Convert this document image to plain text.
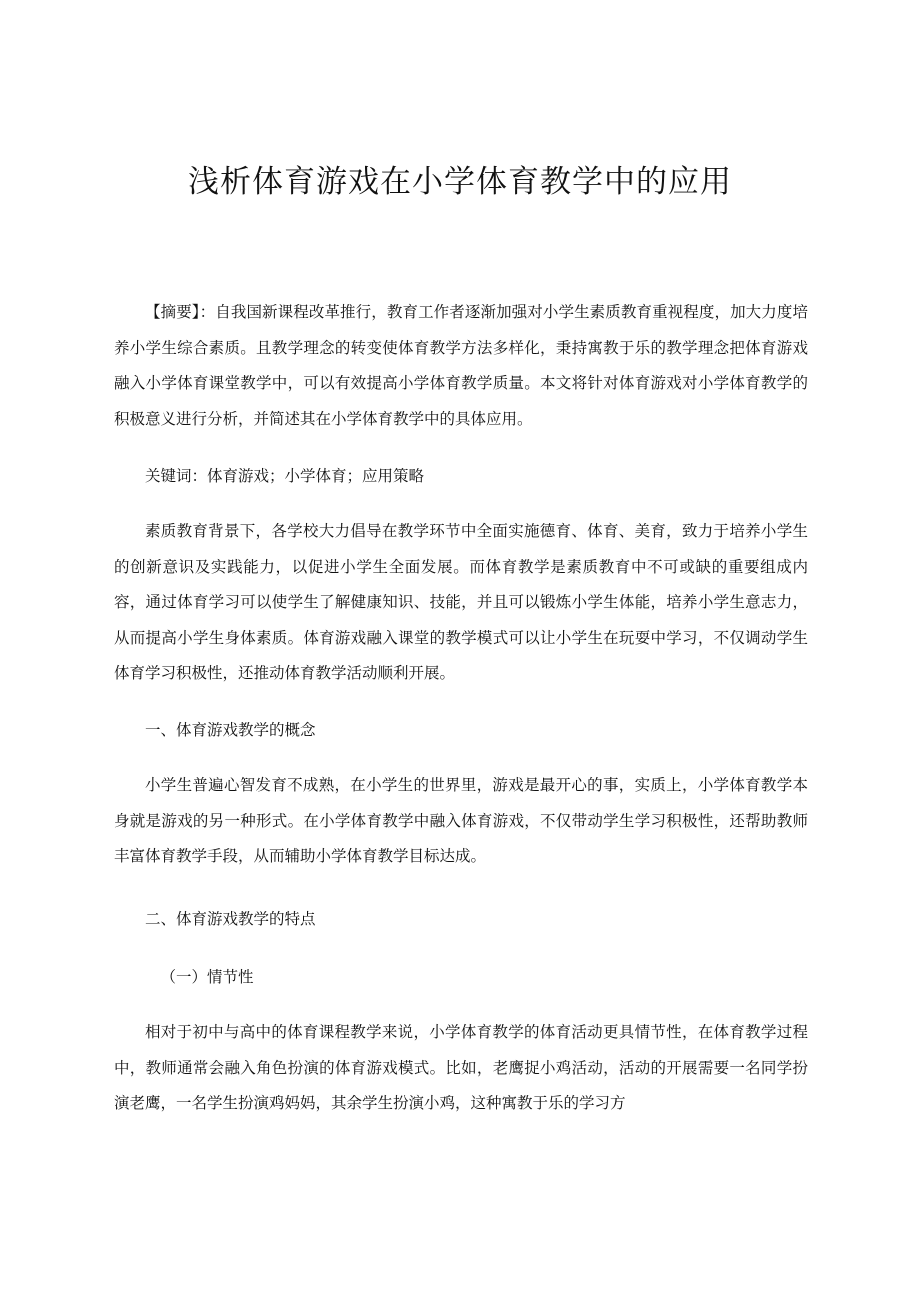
浅析体育游戏在小学体育教学中的应用

【摘要】：自我国新课程改革推行，教育工作者逐渐加强对小学生素质教育重视程度，加大力度培养小学生综合素质。且教学理念的转变使体育教学方法多样化，秉持寓教于乐的教学理念把体育游戏融入小学体育课堂教学中，可以有效提高小学体育教学质量。本文将针对体育游戏对小学体育教学的积极意义进行分析，并简述其在小学体育教学中的具体应用。

关键词：体育游戏；小学体育；应用策略

素质教育背景下，各学校大力倡导在教学环节中全面实施德育、体育、美育，致力于培养小学生的创新意识及实践能力，以促进小学生全面发展。而体育教学是素质教育中不可或缺的重要组成内容，通过体育学习可以使学生了解健康知识、技能，并且可以锻炼小学生体能，培养小学生意志力，从而提高小学生身体素质。体育游戏融入课堂的教学模式可以让小学生在玩耍中学习，不仅调动学生体育学习积极性，还推动体育教学活动顺利开展。

一、体育游戏教学的概念

小学生普遍心智发育不成熟，在小学生的世界里，游戏是最开心的事，实质上，小学体育教学本身就是游戏的另一种形式。在小学体育教学中融入体育游戏，不仅带动学生学习积极性，还帮助教师丰富体育教学手段，从而辅助小学体育教学目标达成。

二、体育游戏教学的特点

（一）情节性

相对于初中与高中的体育课程教学来说，小学体育教学的体育活动更具情节性，在体育教学过程中，教师通常会融入角色扮演的体育游戏模式。比如，老鹰捉小鸡活动，活动的开展需要一名同学扮演老鹰，一名学生扮演鸡妈妈，其余学生扮演小鸡，这种寓教于乐的学习方
